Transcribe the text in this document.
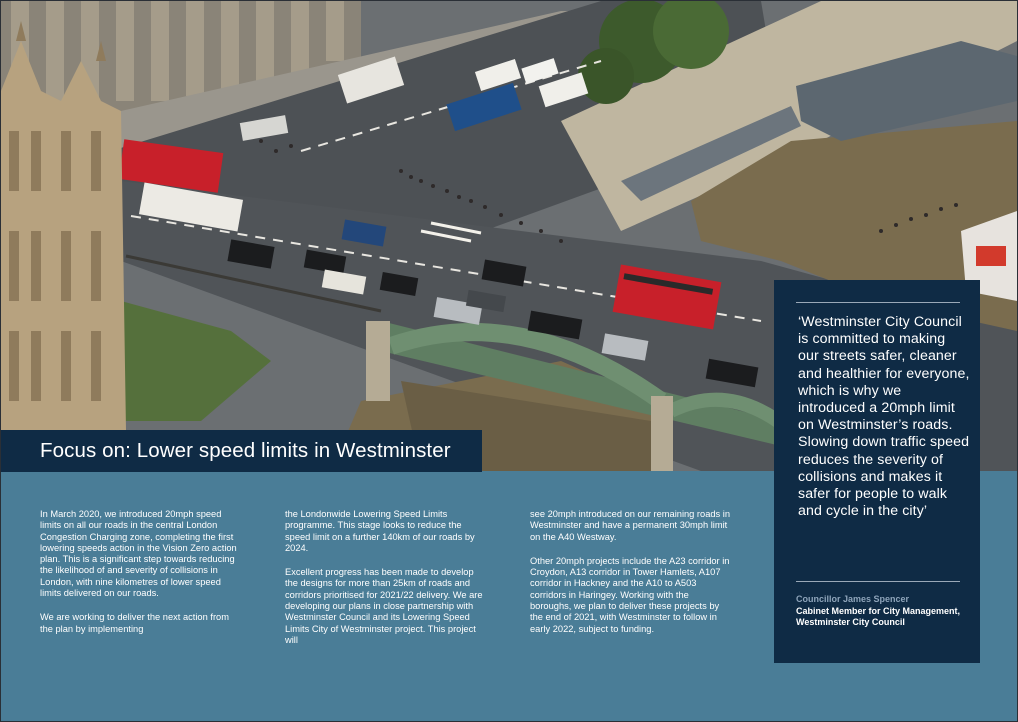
Focus on: Lower speed limits in Westminster

In March 2020, we introduced 20mph speed limits on all our roads in the central London Congestion Charging zone, completing the first lowering speeds action in the Vision Zero action plan. This is a significant step towards reducing the likelihood of and severity of collisions in London, with nine kilometres of lower speed limits delivered on our roads.

We are working to deliver the next action from the plan by implementing

the Londonwide Lowering Speed Limits programme. This stage looks to reduce the speed limit on a further 140km of our roads by 2024.

Excellent progress has been made to develop the designs for more than 25km of roads and corridors prioritised for 2021/22 delivery. We are developing our plans in close partnership with Westminster Council and its Lowering Speed Limits City of Westminster project. This project will

see 20mph introduced on our remaining roads in Westminster and have a permanent 30mph limit on the A40 Westway.

Other 20mph projects include the A23 corridor in Croydon, A13 corridor in Tower Hamlets, A107 corridor in Hackney and the A10 to A503 corridors in Haringey. Working with the boroughs, we plan to deliver these projects by the end of 2021, with Westminster to follow in early 2022, subject to funding.

‘Westminster City Council is committed to making our streets safer, cleaner and healthier for everyone, which is why we introduced a 20mph limit on Westminster’s roads. Slowing down traffic speed reduces the severity of collisions and makes it safer for people to walk and cycle in the city’
Councillor James Spencer
Cabinet Member for City Management, Westminster City Council
